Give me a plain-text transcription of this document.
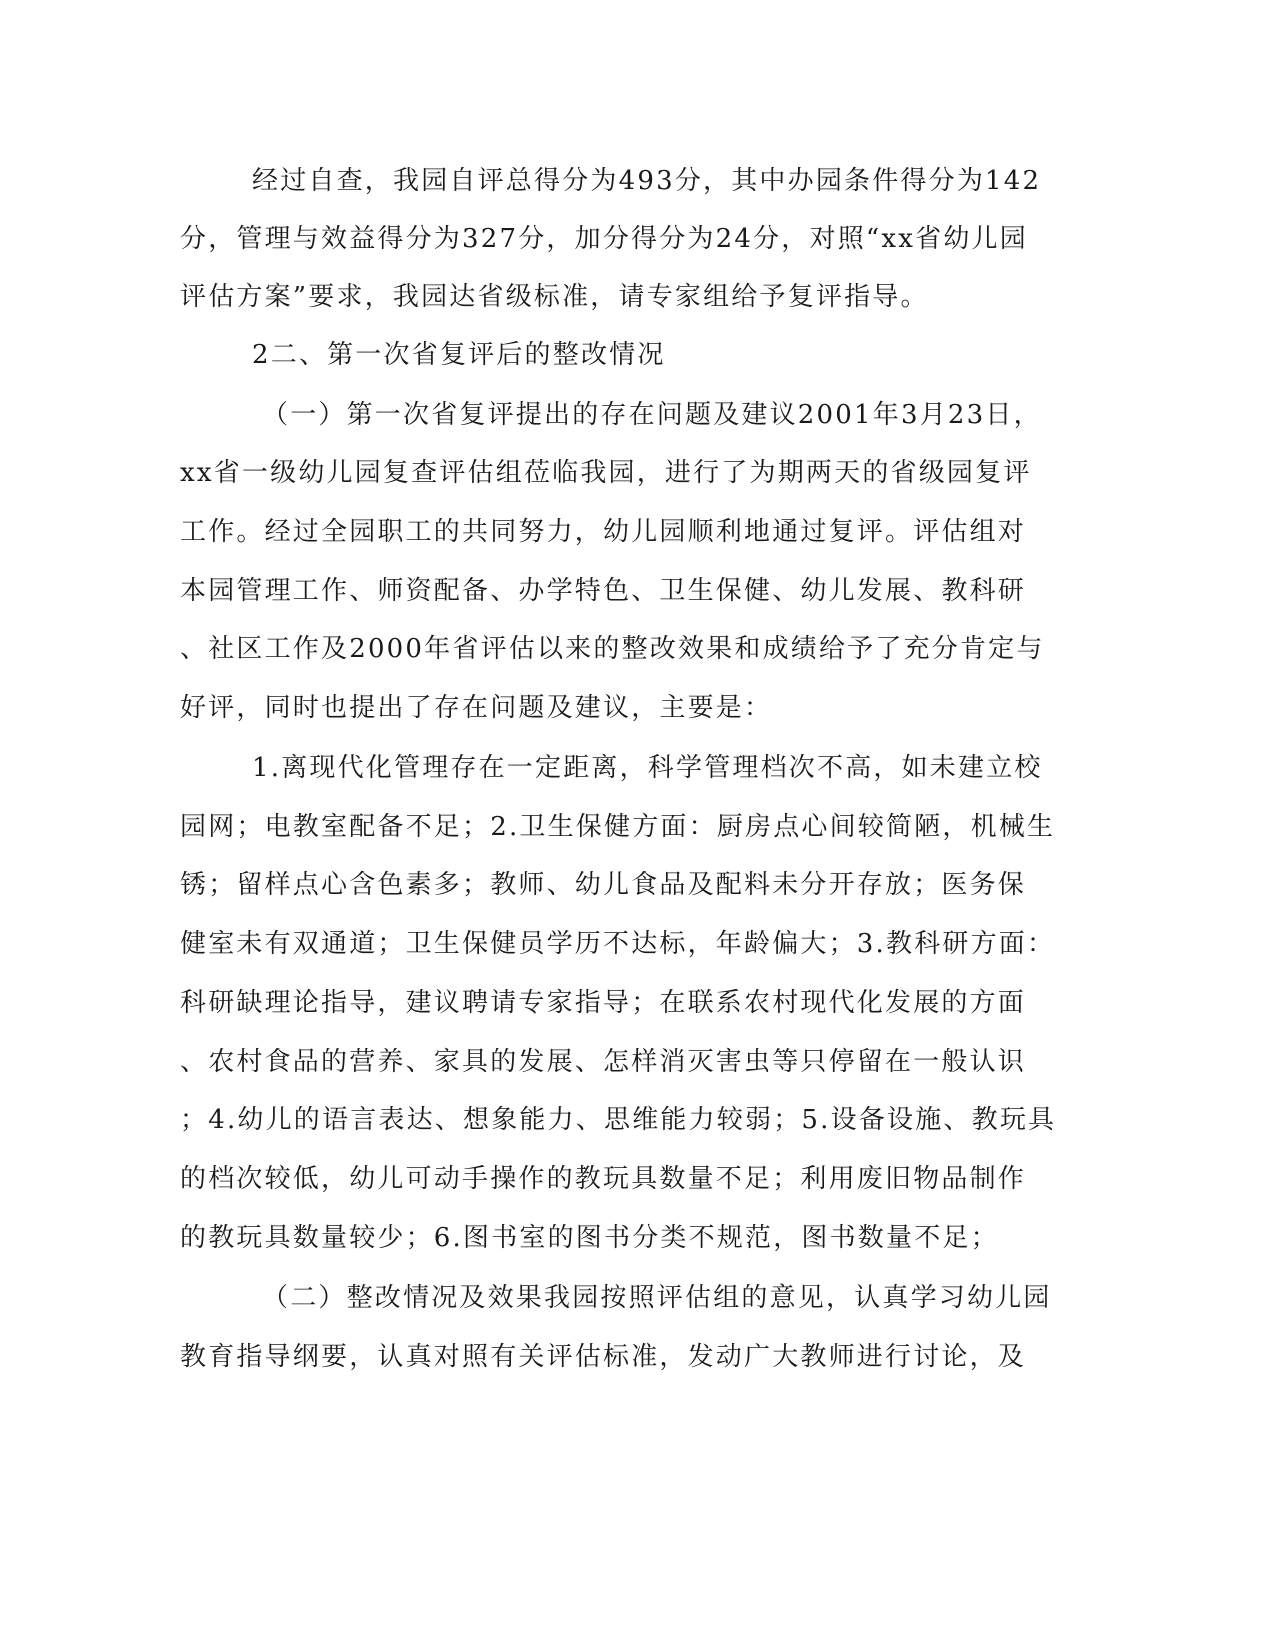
经过自查，我园自评总得分为493分，其中办园条件得分为142
分，管理与效益得分为327分，加分得分为24分，对照“xx省幼儿园
评估方案”要求，我园达省级标准，请专家组给予复评指导。
2二、第一次省复评后的整改情况
（一）第一次省复评提出的存在问题及建议2001年3月23日，
xx省一级幼儿园复查评估组莅临我园，进行了为期两天的省级园复评
工作。经过全园职工的共同努力，幼儿园顺利地通过复评。评估组对
本园管理工作、师资配备、办学特色、卫生保健、幼儿发展、教科研
、社区工作及2000年省评估以来的整改效果和成绩给予了充分肯定与
好评，同时也提出了存在问题及建议，主要是：
1.离现代化管理存在一定距离，科学管理档次不高，如未建立校
园网；电教室配备不足；2.卫生保健方面：厨房点心间较简陋，机械生
锈；留样点心含色素多；教师、幼儿食品及配料未分开存放；医务保
健室未有双通道；卫生保健员学历不达标，年龄偏大；3.教科研方面：
科研缺理论指导，建议聘请专家指导；在联系农村现代化发展的方面
、农村食品的营养、家具的发展、怎样消灭害虫等只停留在一般认识
；4.幼儿的语言表达、想象能力、思维能力较弱；5.设备设施、教玩具
的档次较低，幼儿可动手操作的教玩具数量不足；利用废旧物品制作
的教玩具数量较少；6.图书室的图书分类不规范，图书数量不足；
（二）整改情况及效果我园按照评估组的意见，认真学习幼儿园
教育指导纲要，认真对照有关评估标准，发动广大教师进行讨论，及
